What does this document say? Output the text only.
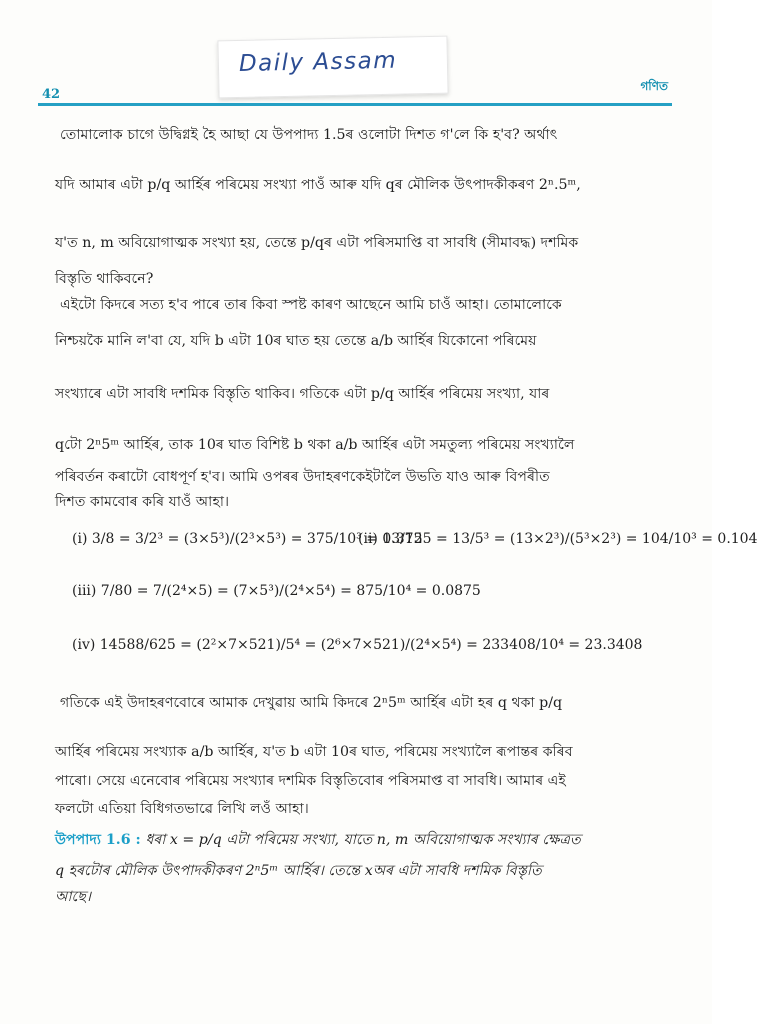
Daily Assam
42
গণিত
তোমালোক চাগে উদ্বিগ্নই হৈ আছা যে উপপাদ্য 1.5ৰ ওলোটা দিশত গ'লে কি হ'ব? অৰ্থাৎ
যদি আমাৰ এটা p/q আৰ্হিৰ পৰিমেয় সংখ্যা পাওঁ আৰু যদি qৰ মৌলিক উৎপাদকীকৰণ 2ⁿ.5ᵐ,
য'ত n, m অবিয়োগাত্মক সংখ্যা হয়, তেন্তে p/qৰ এটা পৰিসমাপ্তি বা সাবধি (সীমাবদ্ধ) দশমিক
বিস্তৃতি থাকিবনে?
এইটো কিদৰে সত্য হ'ব পাৰে তাৰ কিবা স্পষ্ট কাৰণ আছেনে আমি চাওঁ আহা। তোমালোকে
নিশ্চয়কৈ মানি ল'বা যে, যদি b এটা 10ৰ ঘাত হয় তেন্তে a/b আৰ্হিৰ যিকোনো পৰিমেয়
সংখ্যাৰে এটা সাবধি দশমিক বিস্তৃতি থাকিব। গতিকে এটা p/q আৰ্হিৰ পৰিমেয় সংখ্যা, যাৰ
qটো 2ⁿ5ᵐ আৰ্হিৰ, তাক 10ৰ ঘাত বিশিষ্ট b থকা a/b আৰ্হিৰ এটা সমতুল্য পৰিমেয় সংখ্যালৈ
পৰিবৰ্তন কৰাটো বোধপূৰ্ণ হ'ব। আমি ওপৰৰ উদাহৰণকেইটালৈ উভতি যাও আৰু বিপৰীত
দিশত কামবোৰ কৰি যাওঁ আহা।
(i) 3/8 = 3/2³ = (3×5³)/(2³×5³) = 375/10³ = 0.375
(ii) 13/125 = 13/5³ = (13×2³)/(5³×2³) = 104/10³ = 0.104
(iii) 7/80 = 7/(2⁴×5) = (7×5³)/(2⁴×5⁴) = 875/10⁴ = 0.0875
(iv) 14588/625 = (2²×7×521)/5⁴ = (2⁶×7×521)/(2⁴×5⁴) = 233408/10⁴ = 23.3408
গতিকে এই উদাহৰণবোৰে আমাক দেখুৱায় আমি কিদৰে 2ⁿ5ᵐ আৰ্হিৰ এটা হৰ q থকা p/q
আৰ্হিৰ পৰিমেয় সংখ্যাক a/b আৰ্হিৰ, য'ত b এটা 10ৰ ঘাত, পৰিমেয় সংখ্যালৈ ৰূপান্তৰ কৰিব
পাৰো। সেয়ে এনেবোৰ পৰিমেয় সংখ্যাৰ দশমিক বিস্তৃতিবোৰ পৰিসমাপ্ত বা সাবধি। আমাৰ এই
ফলটো এতিয়া বিধিগতভাৱে লিখি লওঁ আহা।
উপপাদ্য 1.6 : ধৰা x = p/q এটা পৰিমেয় সংখ্যা, যাতে n, m অবিয়োগাত্মক সংখ্যাৰ ক্ষেত্ৰত
q হৰটোৰ মৌলিক উৎপাদকীকৰণ 2ⁿ5ᵐ আৰ্হিৰ। তেন্তে xঅৰ এটা সাবধি দশমিক বিস্তৃতি
আছে।
